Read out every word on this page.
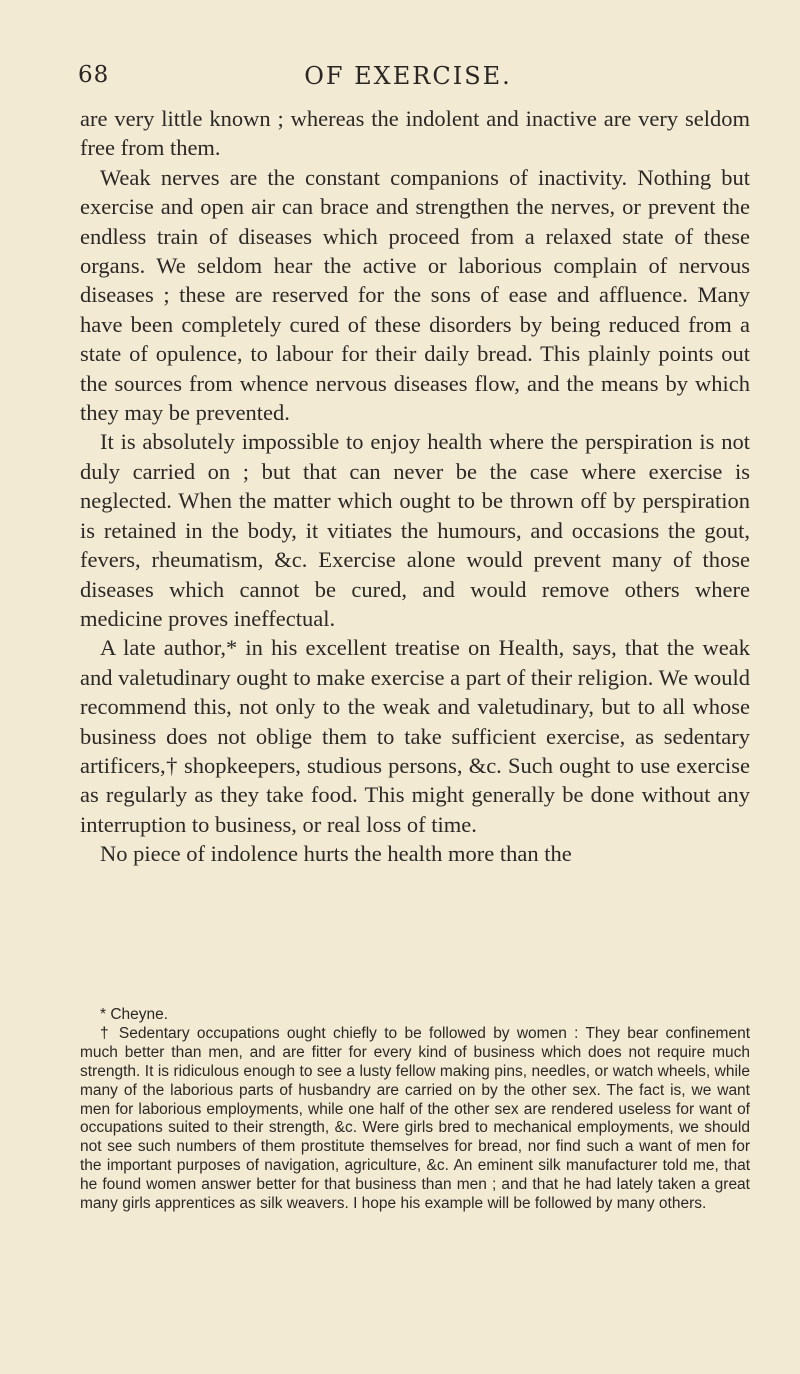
68	OF EXERCISE.

are very little known ; whereas the indolent and inactive are very seldom free from them.

Weak nerves are the constant companions of inactivity. Nothing but exercise and open air can brace and strengthen the nerves, or prevent the endless train of diseases which proceed from a relaxed state of these organs. We seldom hear the active or laborious complain of nervous diseases ; these are reserved for the sons of ease and affluence. Many have been completely cured of these disorders by being reduced from a state of opulence, to labour for their daily bread. This plainly points out the sources from whence nervous diseases flow, and the means by which they may be prevented.

It is absolutely impossible to enjoy health where the perspiration is not duly carried on ; but that can never be the case where exercise is neglected. When the matter which ought to be thrown off by perspiration is retained in the body, it vitiates the humours, and occasions the gout, fevers, rheumatism, &c. Exercise alone would prevent many of those diseases which cannot be cured, and would remove others where medicine proves ineffectual.

A late author,* in his excellent treatise on Health, says, that the weak and valetudinary ought to make exercise a part of their religion. We would recommend this, not only to the weak and valetudinary, but to all whose business does not oblige them to take sufficient exercise, as sedentary artificers,† shopkeepers, studious persons, &c. Such ought to use exercise as regularly as they take food. This might generally be done without any interruption to business, or real loss of time.

No piece of indolence hurts the health more than the

* Cheyne.

† Sedentary occupations ought chiefly to be followed by women : They bear confinement much better than men, and are fitter for every kind of business which does not require much strength. It is ridiculous enough to see a lusty fellow making pins, needles, or watch wheels, while many of the laborious parts of husbandry are carried on by the other sex. The fact is, we want men for laborious employments, while one half of the other sex are rendered useless for want of occupations suited to their strength, &c. Were girls bred to mechanical employments, we should not see such numbers of them prostitute themselves for bread, nor find such a want of men for the important purposes of navigation, agriculture, &c. An eminent silk manufacturer told me, that he found women answer better for that business than men ; and that he had lately taken a great many girls apprentices as silk weavers. I hope his example will be followed by many others.
